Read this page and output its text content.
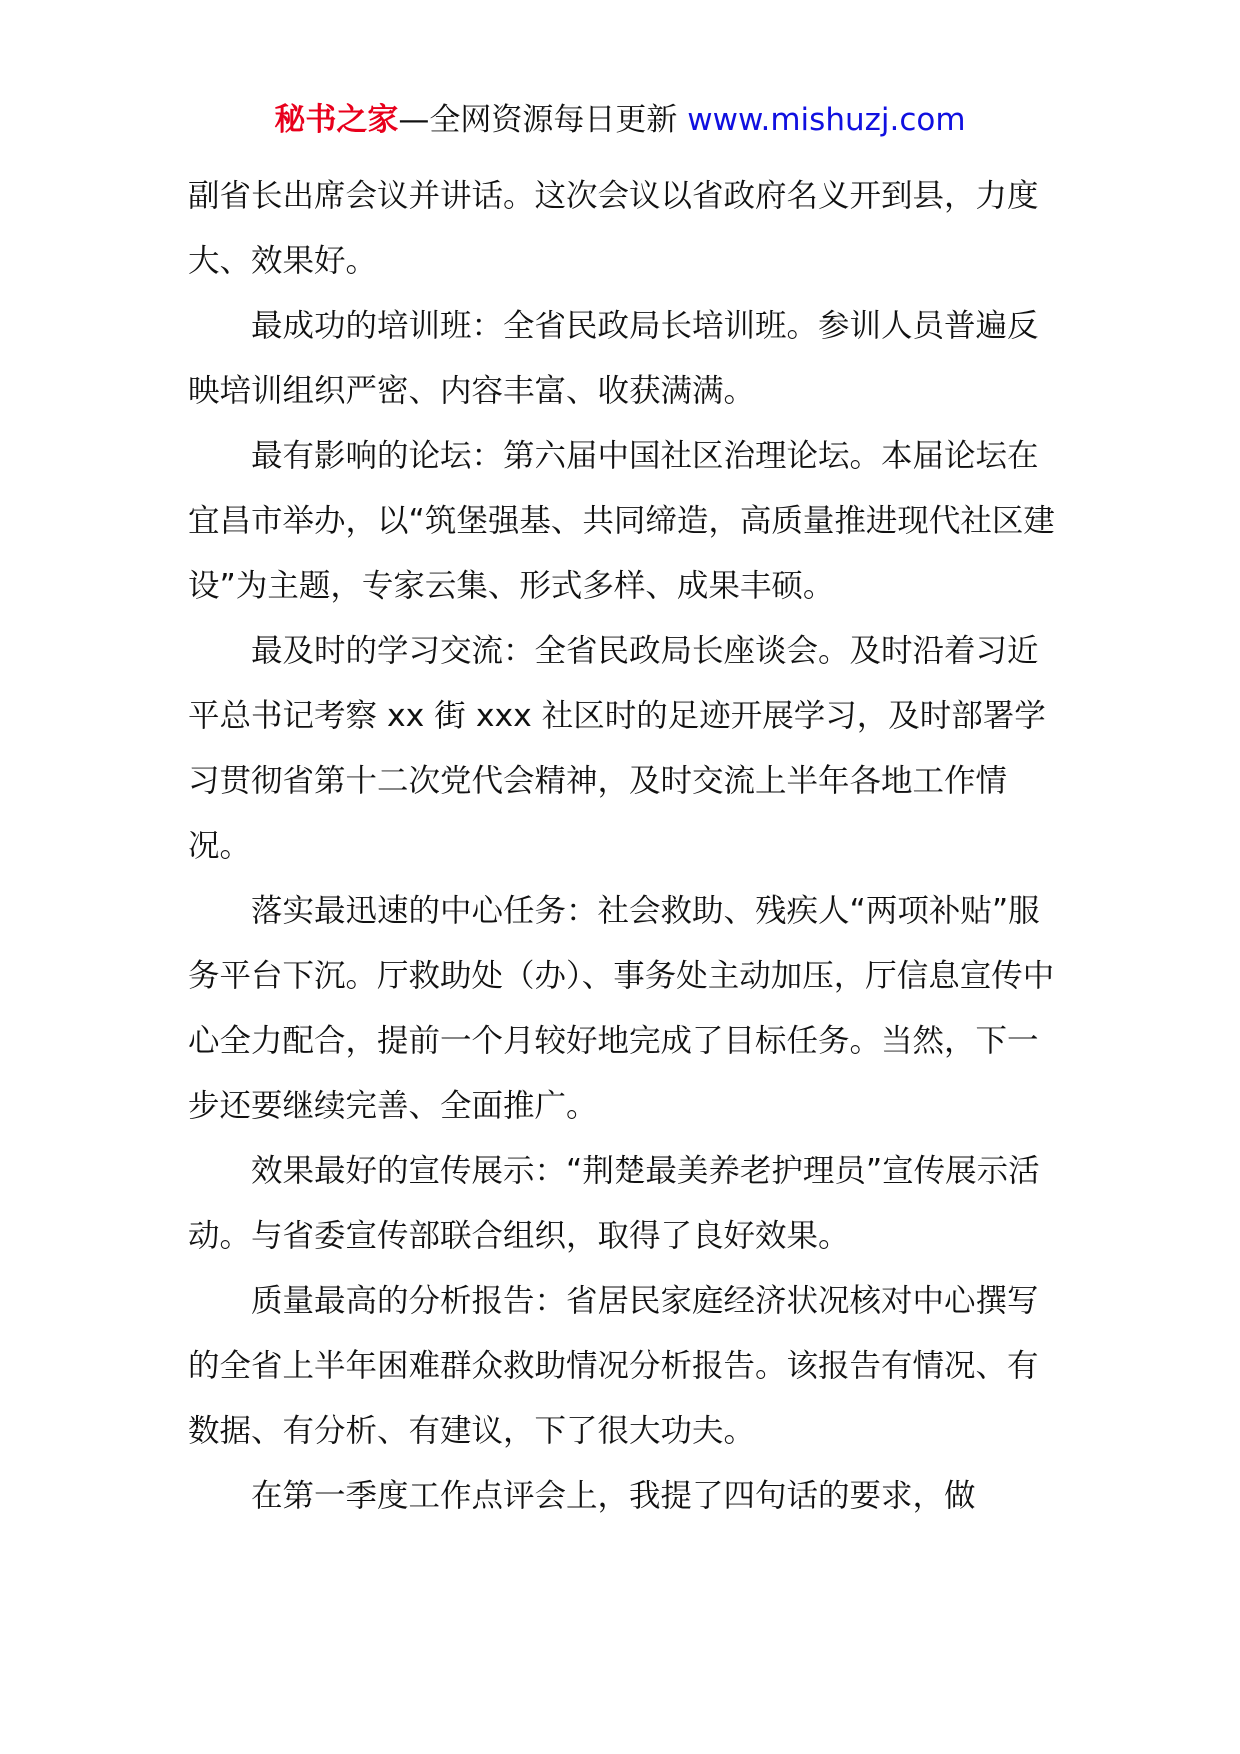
秘书之家—全网资源每日更新 www.mishuzj.com

副省长出席会议并讲话。这次会议以省政府名义开到县，力度大、效果好。

最成功的培训班：全省民政局长培训班。参训人员普遍反映培训组织严密、内容丰富、收获满满。

最有影响的论坛：第六届中国社区治理论坛。本届论坛在宜昌市举办，以“筑堡强基、共同缔造，高质量推进现代社区建设”为主题，专家云集、形式多样、成果丰硕。

最及时的学习交流：全省民政局长座谈会。及时沿着习近平总书记考察 xx 街 xxx 社区时的足迹开展学习，及时部署学习贯彻省第十二次党代会精神，及时交流上半年各地工作情况。

落实最迅速的中心任务：社会救助、残疾人“两项补贴”服务平台下沉。厅救助处（办）、事务处主动加压，厅信息宣传中心全力配合，提前一个月较好地完成了目标任务。当然，下一步还要继续完善、全面推广。

效果最好的宣传展示：“荆楚最美养老护理员”宣传展示活动。与省委宣传部联合组织，取得了良好效果。

质量最高的分析报告：省居民家庭经济状况核对中心撰写的全省上半年困难群众救助情况分析报告。该报告有情况、有数据、有分析、有建议，下了很大功夫。

在第一季度工作点评会上，我提了四句话的要求，做
